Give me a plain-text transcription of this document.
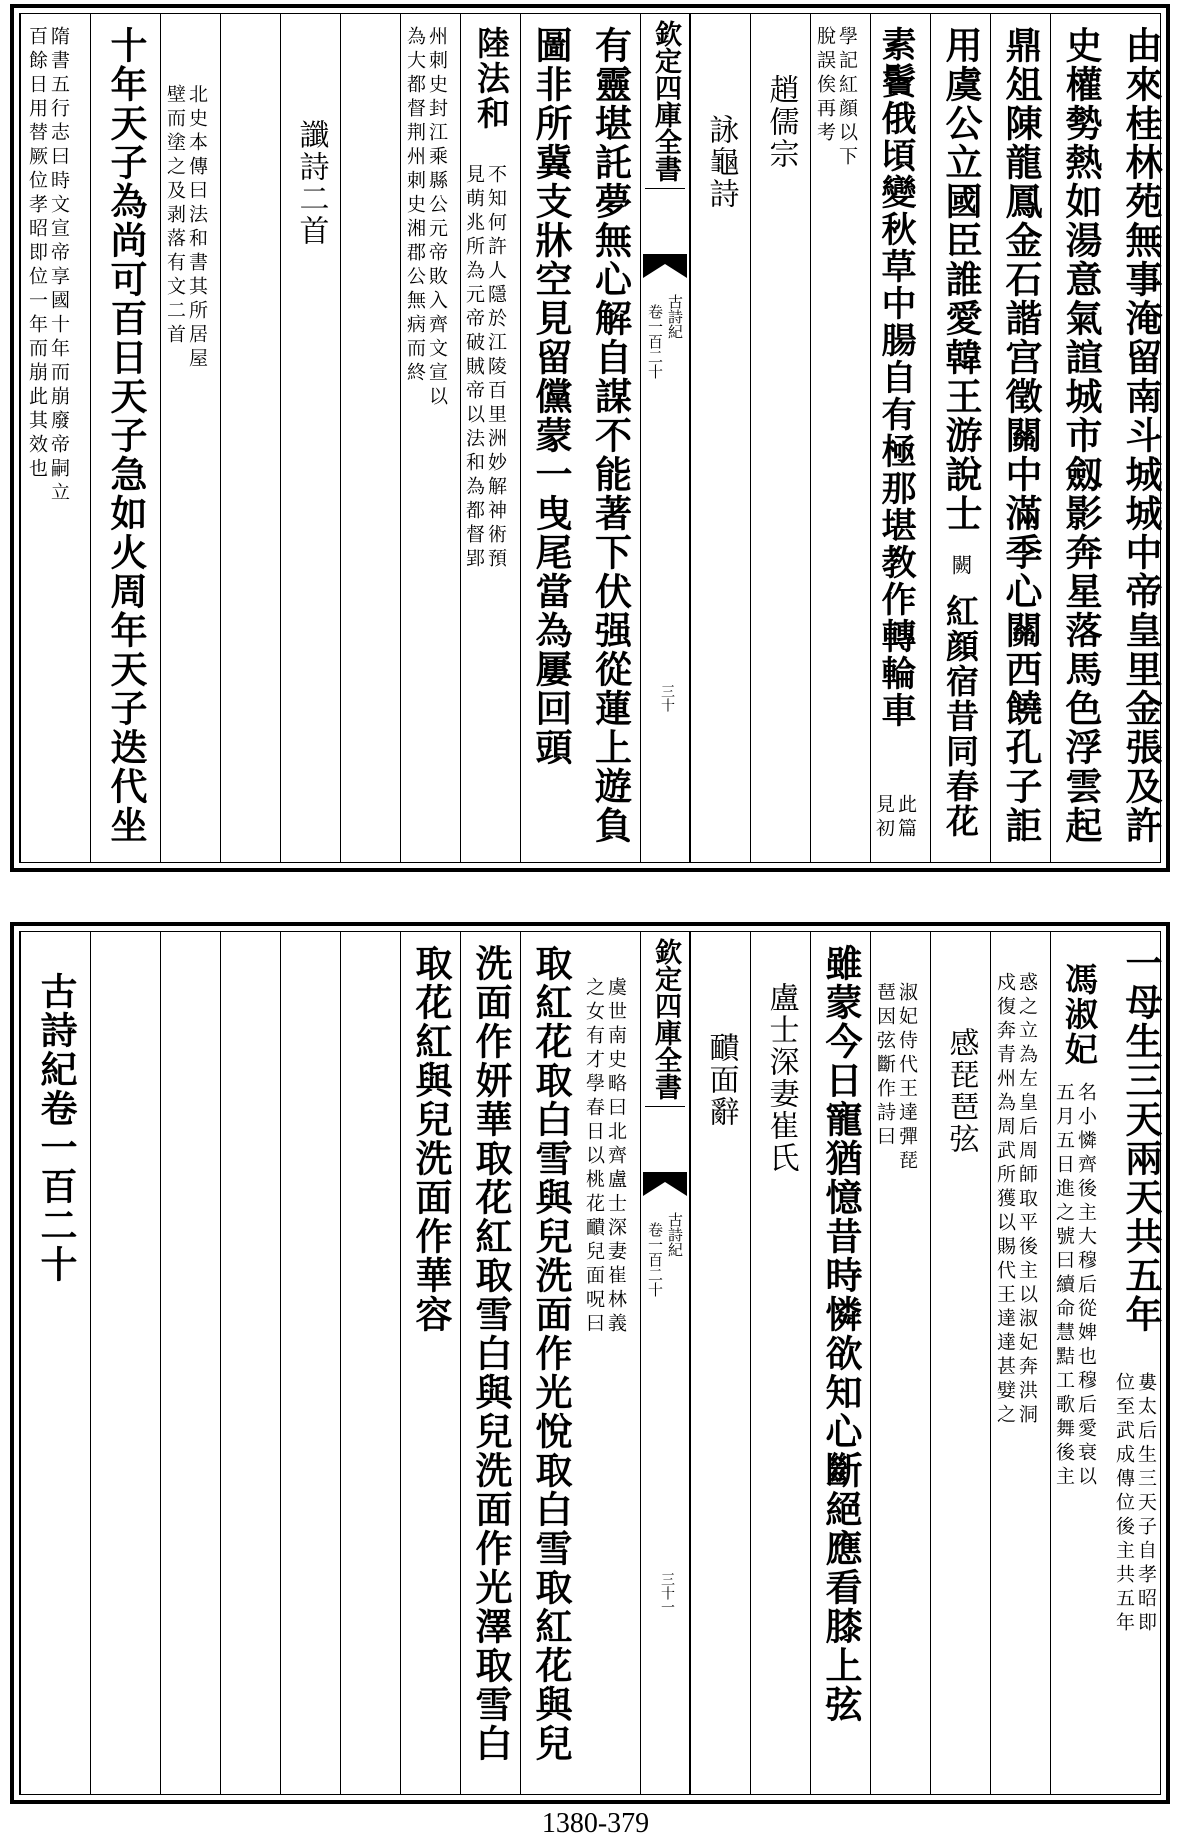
由來桂林苑無事淹留南斗城城中帝皇里金張及許
史權勢熱如湯意氣諠城市劔影奔星落馬色浮雲起
鼎俎陳龍鳳金石諧宫徵關中滿季心關西饒孔子詎
用虞公立國臣誰愛韓王游說士
闕
紅顔宿昔同春花
素鬢俄頃變秋草中腸自有極那堪教作轉輪車
此篇
見初
學記紅顔以下
脫誤俟再考
趙儒宗
詠龜詩
欽定四庫全書
卷一百二十 古詩紀
三十
有靈堪託夢無心解自謀不能著下伏强從蓮上遊負
圖非所冀支牀空見留儻蒙一曳尾當為屢回頭
陸法和
不知何許人隱於江陵百里洲妙解神術預
見萌兆所為元帝破賊帝以法和為都督郢
州刺史封江乘縣公元帝敗入齊文宣以
為大都督荆州刺史湘郡公無病而終
讖詩二首
北史本傳曰法和書其所居屋
壁而塗之及剥落有文二首
十年天子為尚可百日天子急如火周年天子迭代坐
隋書五行志曰時文宣帝享國十年而崩廢帝嗣立
百餘日用替厥位孝昭即位一年而崩此其效也
一母生三天兩天共五年
婁太后生三天子自孝昭即
位至武成傳位後主共五年
馮淑妃
名小憐齊後主大穆后從婢也穆后愛衰以
五月五日進之號曰續命慧黠工歌舞後主
惑之立為左皇后周師取平後主以淑妃奔洪洞
戍復奔青州為周武所獲以賜代王達達甚嬖之
感琵琶弦
淑妃侍代王達彈琵
琶因弦斷作詩曰
雖蒙今日寵猶憶昔時憐欲知心斷絕應看膝上弦
盧士深妻崔氏
靧面辭
欽定四庫全書
卷一百二十 古詩紀
三十一
虞世南史略曰北齊盧士深妻崔林義
之女有才學春日以桃花靧兒面呪曰
取紅花取白雪與兒洗面作光悅取白雪取紅花與兒
洗面作妍華取花紅取雪白與兒洗面作光澤取雪白
取花紅與兒洗面作華容
古詩紀卷一百二十
1380-379
